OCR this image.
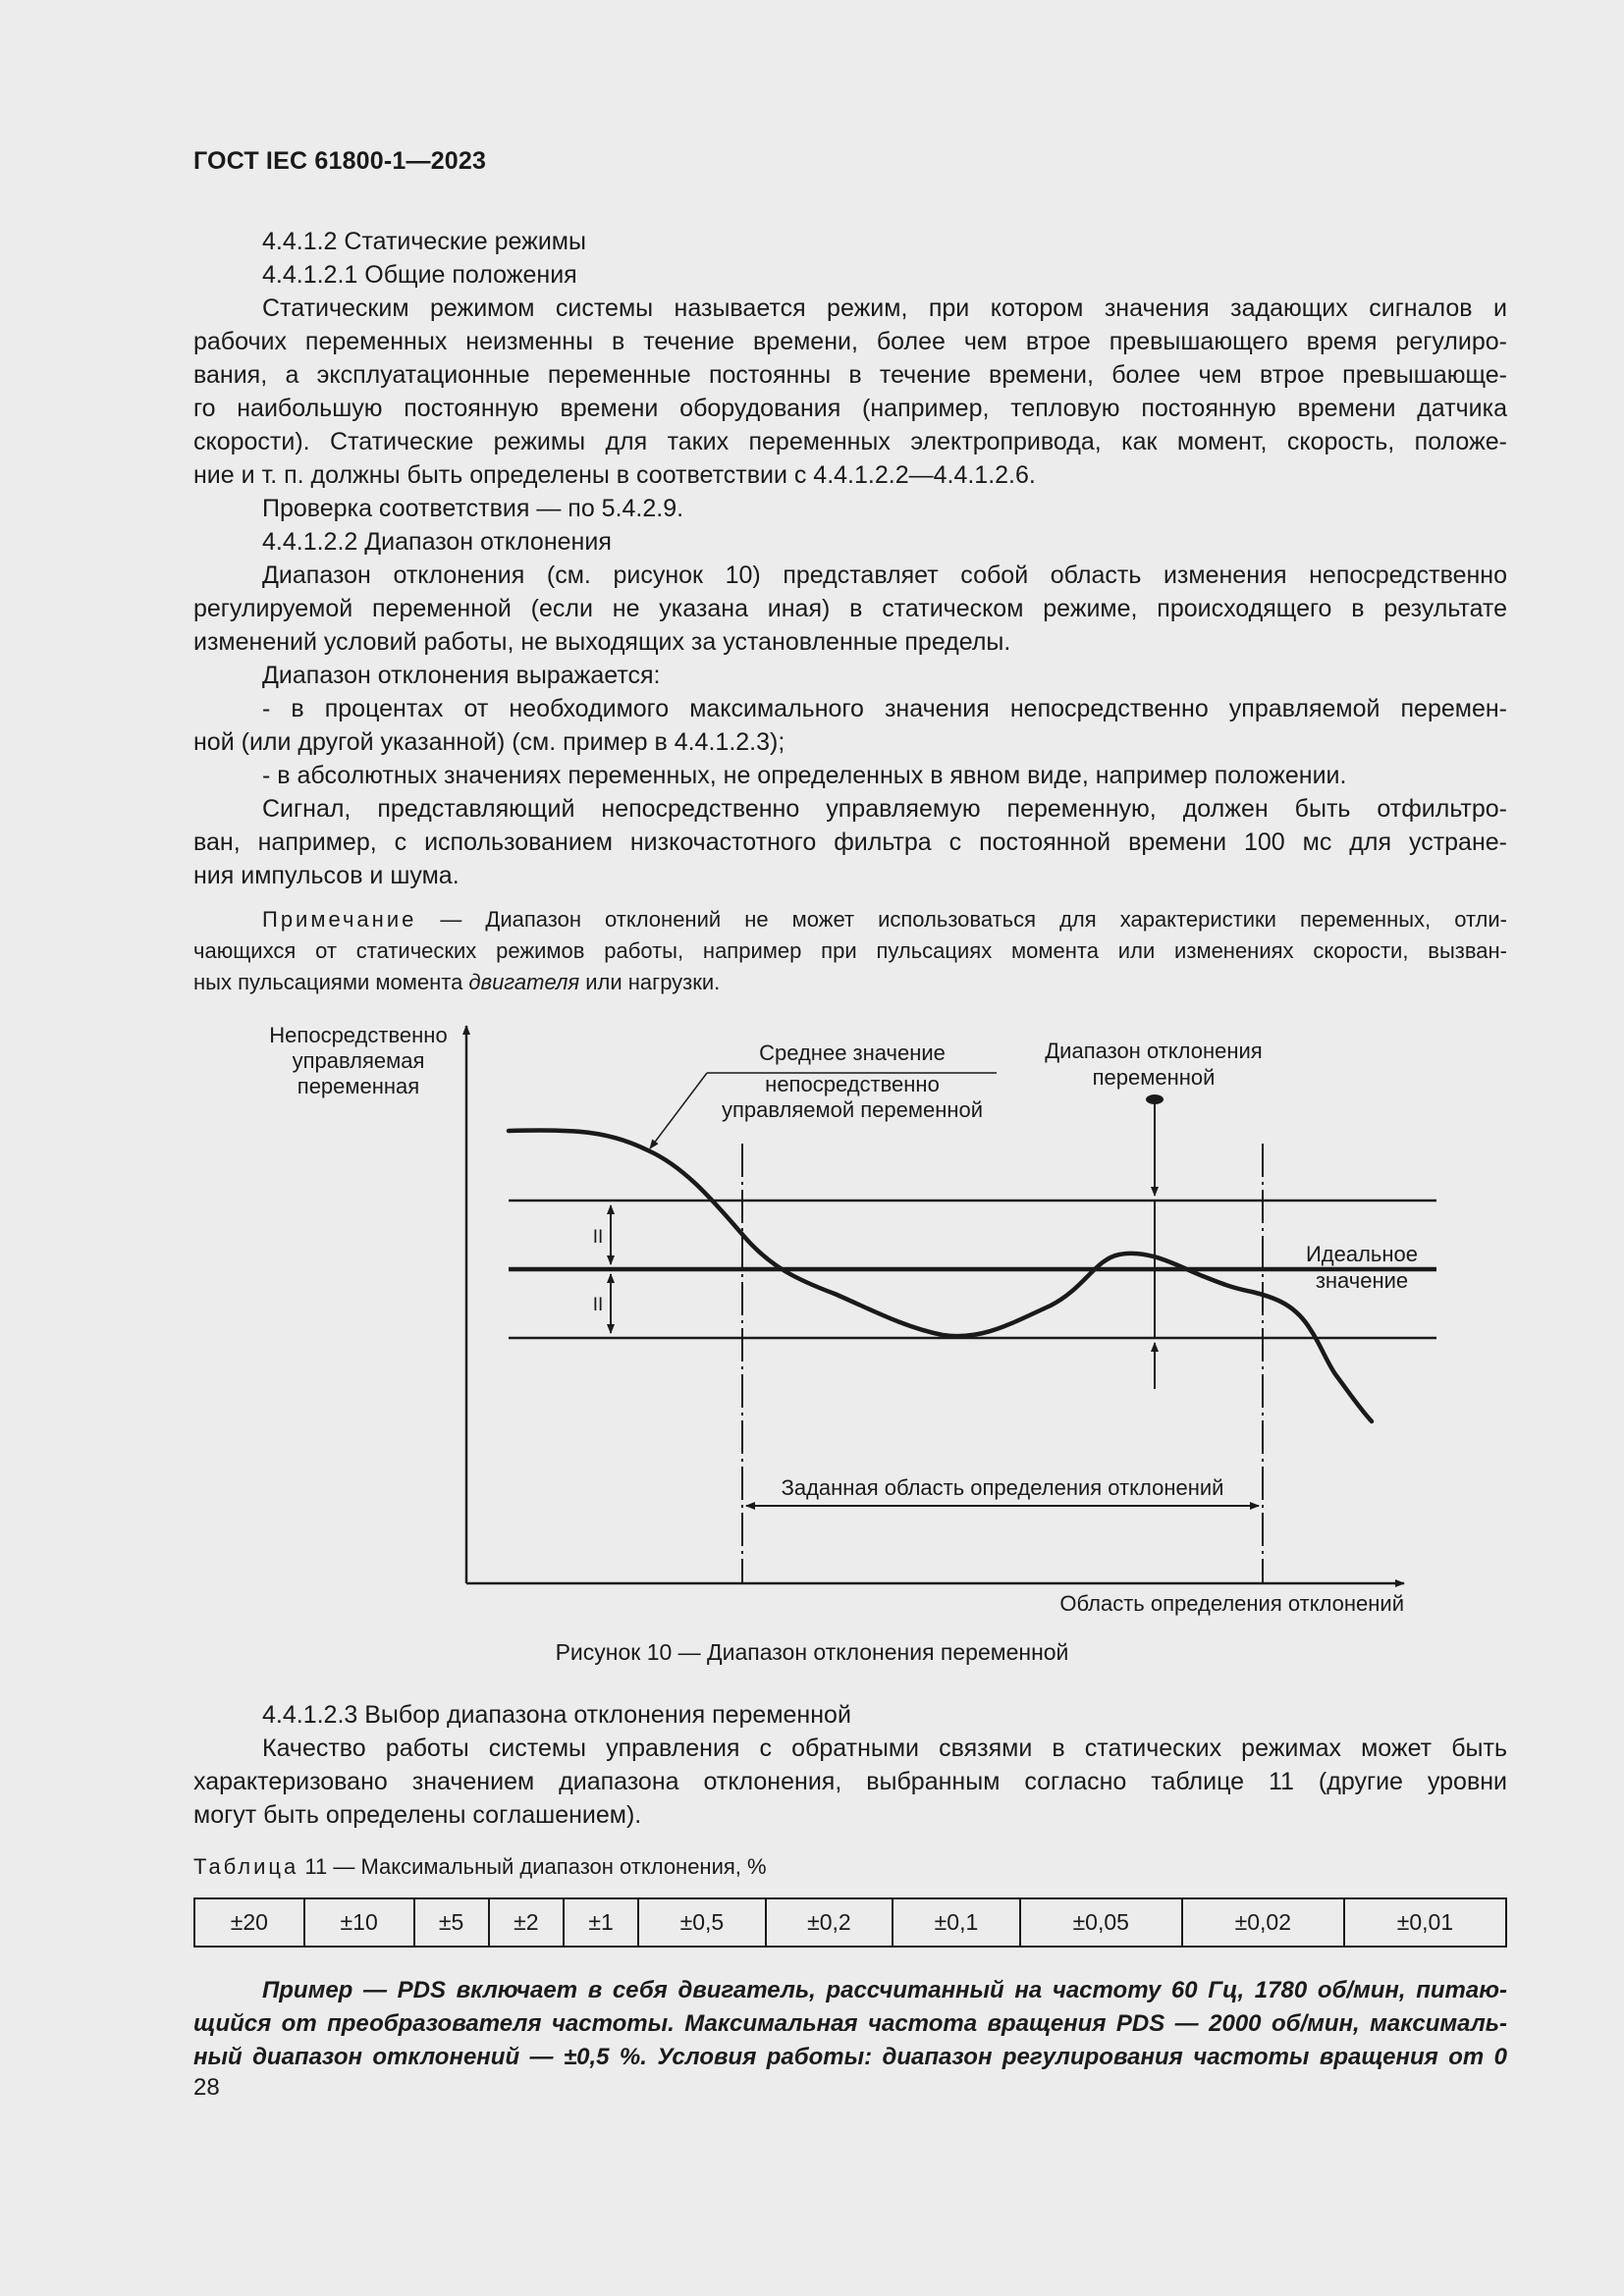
ГОСТ IEC 61800-1—2023
4.4.1.2 Статические режимы
4.4.1.2.1 Общие положения
Статическим режимом системы называется режим, при котором значения задающих сигналов и
рабочих переменных неизменны в течение времени, более чем втрое превышающего время регулиро-
вания, а эксплуатационные переменные постоянны в течение времени, более чем втрое превышающе-
го наибольшую постоянную времени оборудования (например, тепловую постоянную времени датчика
скорости). Статические режимы для таких переменных электропривода, как момент, скорость, положе-
ние и т. п. должны быть определены в соответствии с 4.4.1.2.2—4.4.1.2.6.
Проверка соответствия — по 5.4.2.9.
4.4.1.2.2 Диапазон отклонения
Диапазон отклонения (см. рисунок 10) представляет собой область изменения непосредственно
регулируемой переменной (если не указана иная) в статическом режиме, происходящего в результате
изменений условий работы, не выходящих за установленные пределы.
Диапазон отклонения выражается:
- в процентах от необходимого максимального значения непосредственно управляемой перемен-
ной (или другой указанной) (см. пример в 4.4.1.2.3);
- в абсолютных значениях переменных, не определенных в явном виде, например положении.
Сигнал, представляющий непосредственно управляемую переменную, должен быть отфильтро-
ван, например, с использованием низкочастотного фильтра с постоянной времени 100 мс для устране-
ния импульсов и шума.
Примечание — Диапазон отклонений не может использоваться для характеристики переменных, отли-
чающихся от статических режимов работы, например при пульсациях момента или изменениях скорости, вызван-
ных пульсациями момента двигателя или нагрузки.
Непосредственно
управляемая
переменная
II
II
Среднее значение
непосредственно
управляемой переменной
Диапазон отклонения
переменной
Идеальное
значение
Заданная область определения отклонений
Область определения отклонений
Рисунок 10 — Диапазон отклонения переменной
4.4.1.2.3 Выбор диапазона отклонения переменной
Качество работы системы управления с обратными связями в статических режимах может быть
характеризовано значением диапазона отклонения, выбранным согласно таблице 11 (другие уровни
могут быть определены соглашением).
Таблица 11 — Максимальный диапазон отклонения, %
±20	±10	±5	±2	±1	±0,5	±0,2	±0,1	±0,05	±0,02	±0,01
Пример — PDS включает в себя двигатель, рассчитанный на частоту 60 Гц, 1780 об/мин, питаю-
щийся от преобразователя частоты. Максимальная частота вращения PDS — 2000 об/мин, максималь-
ный диапазон отклонений — ±0,5 %. Условия работы: диапазон регулирования частоты вращения от 0
28
